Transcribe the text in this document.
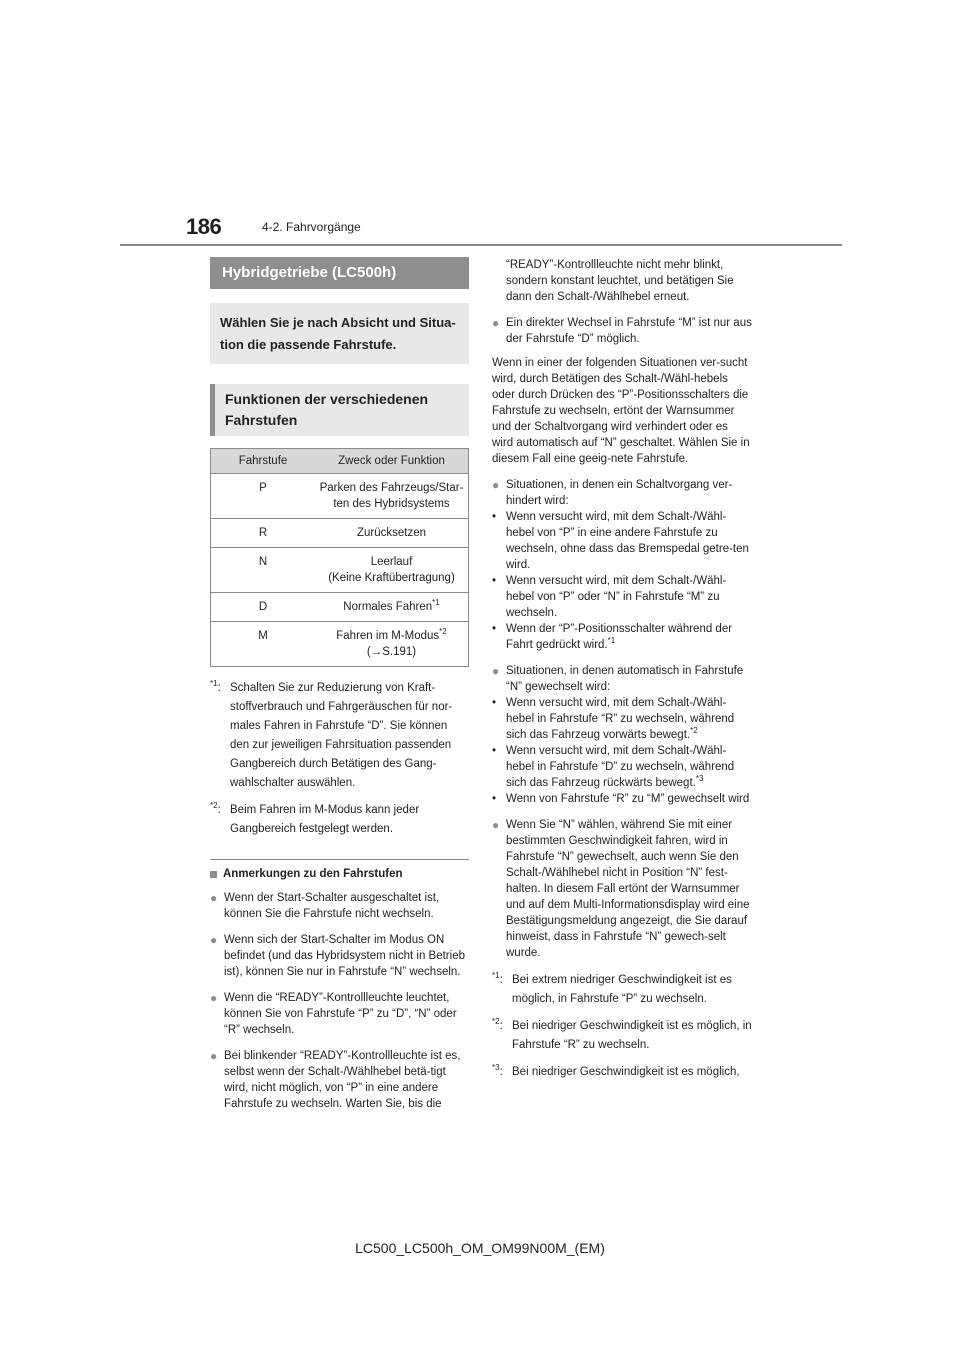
186	4-2. Fahrvorgänge
Hybridgetriebe (LC500h)
Wählen Sie je nach Absicht und Situa-tion die passende Fahrstufe.
Funktionen der verschiedenen Fahrstufen
Fahrstufe	Zweck oder Funktion
P	Parken des Fahrzeugs/Star-
ten des Hybridsystems
R	Zurücksetzen
N	Leerlauf
(Keine Kraftübertragung)
D	Normales Fahren$^{*1}$
M	Fahren im M-Modus$^{*2}$
(→S.191)
$^{*1}$: Schalten Sie zur Reduzierung von Kraft-stoffverbrauch und Fahrgeräuschen für nor-males Fahren in Fahrstufe “D”. Sie können den zur jeweiligen Fahrsituation passenden Gangbereich durch Betätigen des Gang-wahlschalter auswählen.
$^{*2}$: Beim Fahren im M-Modus kann jeder Gangbereich festgelegt werden.
Anmerkungen zu den Fahrstufen
● Wenn der Start-Schalter ausgeschaltet ist, können Sie die Fahrstufe nicht wechseln.
● Wenn sich der Start-Schalter im Modus ON befindet (und das Hybridsystem nicht in Betrieb ist), können Sie nur in Fahrstufe “N” wechseln.
● Wenn die “READY”-Kontrollleuchte leuchtet, können Sie von Fahrstufe “P” zu “D”, “N” oder “R” wechseln.
● Bei blinkender “READY”-Kontrollleuchte ist es, selbst wenn der Schalt-/Wählhebel betä-tigt wird, nicht möglich, von “P” in eine andere Fahrstufe zu wechseln. Warten Sie, bis die
“READY”-Kontrollleuchte nicht mehr blinkt, sondern konstant leuchtet, und betätigen Sie dann den Schalt-/Wählhebel erneut.
● Ein direkter Wechsel in Fahrstufe “M” ist nur aus der Fahrstufe “D” möglich.
Wenn in einer der folgenden Situationen ver-sucht wird, durch Betätigen des Schalt-/Wähl-hebels oder durch Drücken des “P”-Positionsschalters die Fahrstufe zu wechseln, ertönt der Warnsummer und der Schaltvorgang wird verhindert oder es wird automatisch auf “N” geschaltet. Wählen Sie in diesem Fall eine geeig-nete Fahrstufe.
● Situationen, in denen ein Schaltvorgang ver-hindert wird:
• Wenn versucht wird, mit dem Schalt-/Wähl-hebel von “P” in eine andere Fahrstufe zu wechseln, ohne dass das Bremspedal getre-ten wird.
• Wenn versucht wird, mit dem Schalt-/Wähl-hebel von “P” oder “N” in Fahrstufe “M” zu wechseln.
• Wenn der “P”-Positionsschalter während der Fahrt gedrückt wird.$^{*1}$
● Situationen, in denen automatisch in Fahrstufe “N” gewechselt wird:
• Wenn versucht wird, mit dem Schalt-/Wähl-hebel in Fahrstufe “R” zu wechseln, während sich das Fahrzeug vorwärts bewegt.$^{*2}$
• Wenn versucht wird, mit dem Schalt-/Wähl-hebel in Fahrstufe “D” zu wechseln, während sich das Fahrzeug rückwärts bewegt.$^{*3}$
• Wenn von Fahrstufe “R” zu “M” gewechselt wird
● Wenn Sie “N” wählen, während Sie mit einer bestimmten Geschwindigkeit fahren, wird in Fahrstufe “N” gewechselt, auch wenn Sie den Schalt-/Wählhebel nicht in Position “N” fest-halten. In diesem Fall ertönt der Warnsummer und auf dem Multi-Informationsdisplay wird eine Bestätigungsmeldung angezeigt, die Sie darauf hinweist, dass in Fahrstufe “N” gewech-selt wurde.
$^{*1}$: Bei extrem niedriger Geschwindigkeit ist es möglich, in Fahrstufe “P” zu wechseln.
$^{*2}$: Bei niedriger Geschwindigkeit ist es möglich, in Fahrstufe “R” zu wechseln.
$^{*3}$: Bei niedriger Geschwindigkeit ist es möglich,
LC500_LC500h_OM_OM99N00M_(EM)
